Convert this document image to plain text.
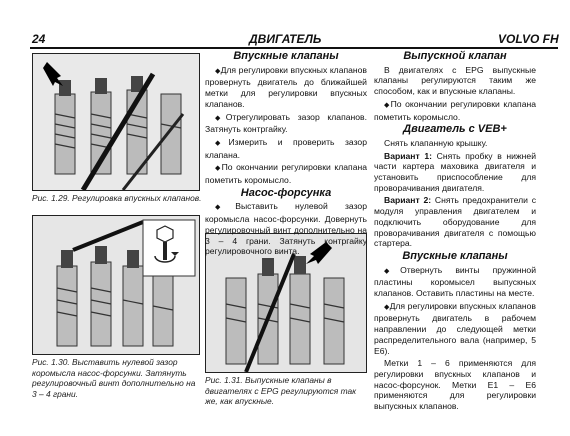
24	ДВИГАТЕЛЬ	VOLVO FH
Рис. 1.29. Регулировка впускных клапанов.
Рис. 1.30. Выставить нулевой зазор коромысла насос-форсунки. Затянуть регулировочный винт дополнительно на 3 – 4 грани.
Рис. 1.31. Выпускные клапаны в двигателях с EPG регулируются так же, как впускные.
Впускные клапаны

◆ Для регулировки впускных клапанов провернуть двигатель до ближайшей метки для регулировки впускных клапанов.

◆ Отрегулировать зазор клапанов. Затянуть контргайку.

◆ Измерить и проверить зазор клапана.

◆ По окончании регулировки клапана пометить коромысло.

Насос-форсунка

◆ Выставить нулевой зазор коромысла насос-форсунки. Довернуть регулировочный винт дополнительно на 3 – 4 грани. Затянуть контргайку регулировочного винта.

Выпускной клапан

В двигателях с EPG выпускные клапаны регулируются таким же способом, как и впускные клапаны.

◆ По окончании регулировки клапана пометить коромысло.

Двигатель с VEB+

Снять клапанную крышку.

Вариант 1: Снять пробку в нижней части картера маховика двигателя и установить приспособление для проворачивания двигателя.

Вариант 2: Снять предохранители с модуля управления двигателем и подключить оборудование для проворачивания двигателя с помощью стартера.

Впускные клапаны

◆ Отвернуть винты пружинной пластины коромысел выпускных клапанов. Оставить пластины на месте.

◆ Для регулировки впускных клапанов провернуть двигатель в рабочем направлении до следующей метки распределительного вала (например, 5 E6).

Метки 1 – 6 применяются для регулировки впускных клапанов и насос-форсунок. Метки E1 – E6 применяются для регулировки выпускных клапанов.
